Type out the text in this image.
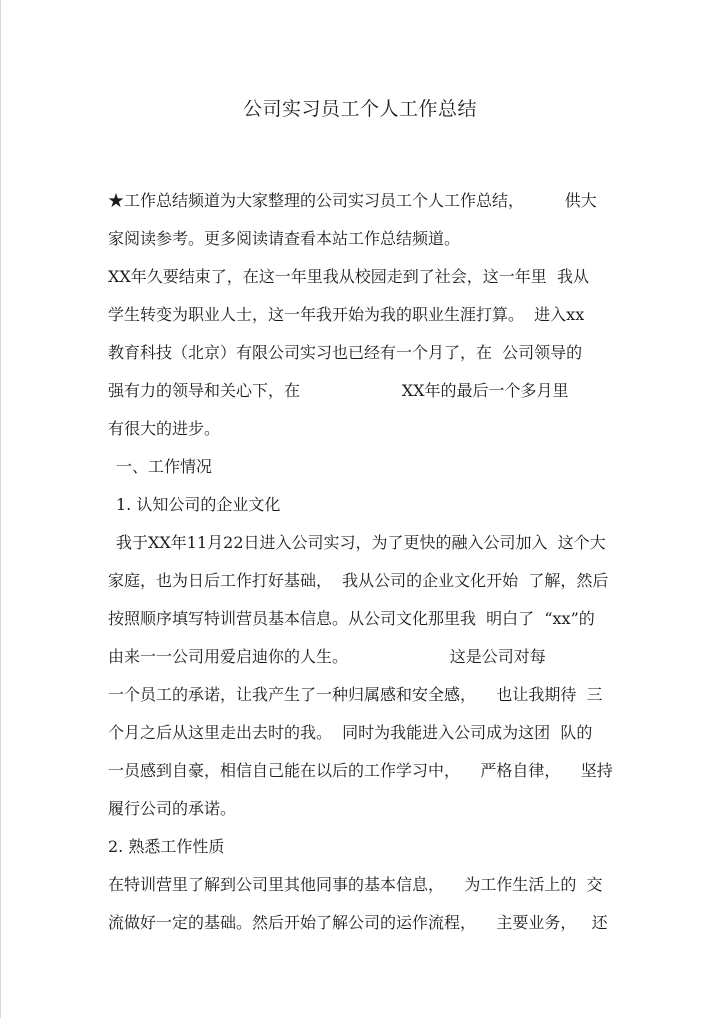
公司实习员工个人工作总结
★工作总结频道为大家整理的公司实习员工个人工作总结，        供大
家阅读参考。更多阅读请查看本站工作总结频道。
XX年久要结束了，在这一年里我从校园走到了社会，这一年里  我从
学生转变为职业人士，这一年我开始为我的职业生涯打算。  进入xx
教育科技（北京）有限公司实习也已经有一个月了，在  公司领导的
强有力的领导和关心下，在                    XX年的最后一个多月里
有很大的进步。
一、工作情况
1. 认知公司的企业文化
我于XX年11月22日进入公司实习，为了更快的融入公司加入  这个大
家庭，也为日后工作打好基础，  我从公司的企业文化开始  了解，然后
按照顺序填写特训营员基本信息。从公司文化那里我  明白了  “xx”的
由来一一公司用爱启迪你的人生。                    这是公司对每
一个员工的承诺，让我产生了一种归属感和安全感，    也让我期待  三
个月之后从这里走出去时的我。  同时为我能进入公司成为这团  队的
一员感到自豪，相信自己能在以后的工作学习中，    严格自律，    坚持
履行公司的承诺。
2. 熟悉工作性质
在特训营里了解到公司里其他同事的基本信息，    为工作生活上的  交
流做好一定的基础。然后开始了解公司的运作流程，    主要业务，   还
